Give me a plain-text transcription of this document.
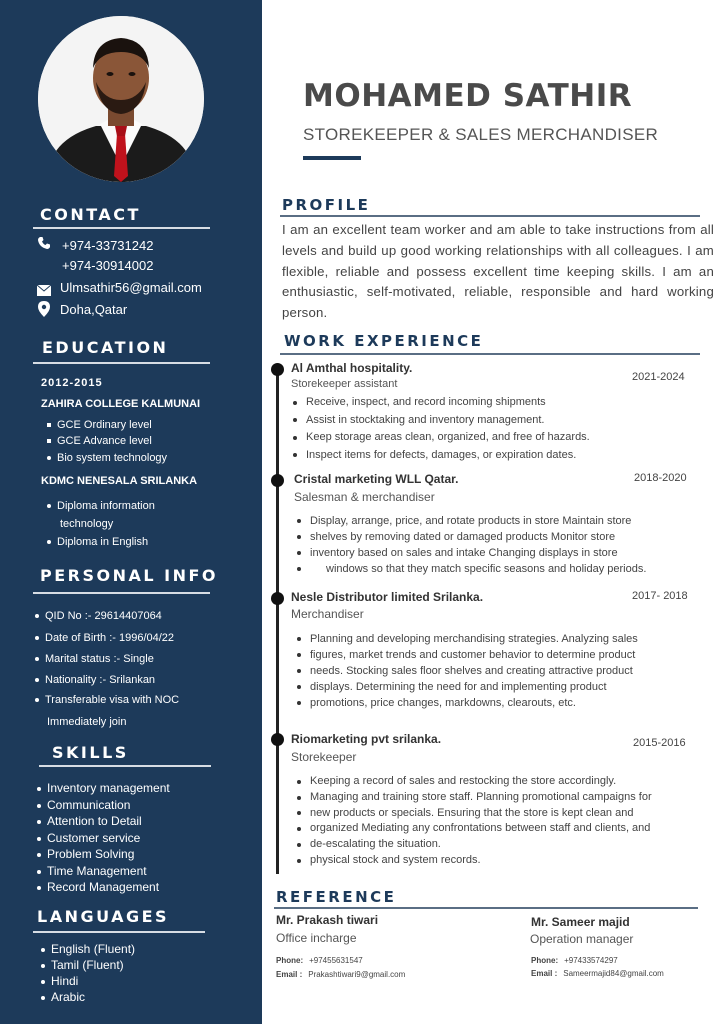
CONTACT
+974-33731242
+974-30914002
Ulmsathir56@gmail.com
Doha,Qatar
EDUCATION
2012-2015
ZAHIRA COLLEGE KALMUNAI
GCE Ordinary level
GCE Advance level
Bio system technology
KDMC NENESALA SRILANKA
Diploma information
technology
Diploma in English
PERSONAL INFO
QID No :- 29614407064
Date of Birth :- 1996/04/22
Marital status :- Single
Nationality :- Srilankan
Transferable visa with NOC
Immediately join
SKILLS
Inventory management
Communication
Attention to Detail
Customer service
Problem Solving
Time Management
Record Management
LANGUAGES
English (Fluent)
Tamil (Fluent)
Hindi
Arabic
MOHAMED SATHIR
STOREKEEPER & SALES MERCHANDISER
PROFILE
I am an excellent team worker and am able to take instructions from all levels and build up good working relationships with all colleagues. I am flexible, reliable and possess excellent time keeping skills. I am an enthusiastic, self-motivated, reliable, responsible and hard working person.
WORK EXPERIENCE
Al Amthal hospitality.
Storekeeper assistant
2021-2024
Receive, inspect, and record incoming shipments
Assist in stocktaking and inventory management.
Keep storage areas clean, organized, and free of hazards.
Inspect items for defects, damages, or expiration dates.
Cristal marketing WLL Qatar.
Salesman & merchandiser
2018-2020
Display, arrange, price, and rotate products in store Maintain store
shelves by removing dated or damaged products Monitor store
inventory based on sales and intake Changing displays in store
windows so that they match specific seasons and holiday periods.
Nesle Distributor limited Srilanka.
Merchandiser
2017- 2018
Planning and developing merchandising strategies. Analyzing sales
figures, market trends and customer behavior to determine product
needs. Stocking sales floor shelves and creating attractive product
displays. Determining the need for and implementing product
promotions, price changes, markdowns, clearouts, etc.
Riomarketing pvt srilanka.
Storekeeper
2015-2016
Keeping a record of sales and restocking the store accordingly.
Managing and training store staff. Planning promotional campaigns for
new products or specials. Ensuring that the store is kept clean and
organized Mediating any confrontations between staff and clients, and
de-escalating the situation.
physical stock and system records.
REFERENCE
Mr. Prakash tiwari
Office incharge
Phone: +97455631547
Email : Prakashtiwari9@gmail.com
Mr. Sameer majid
Operation manager
Phone: +97433574297
Email : Sameermajid84@gmail.com
